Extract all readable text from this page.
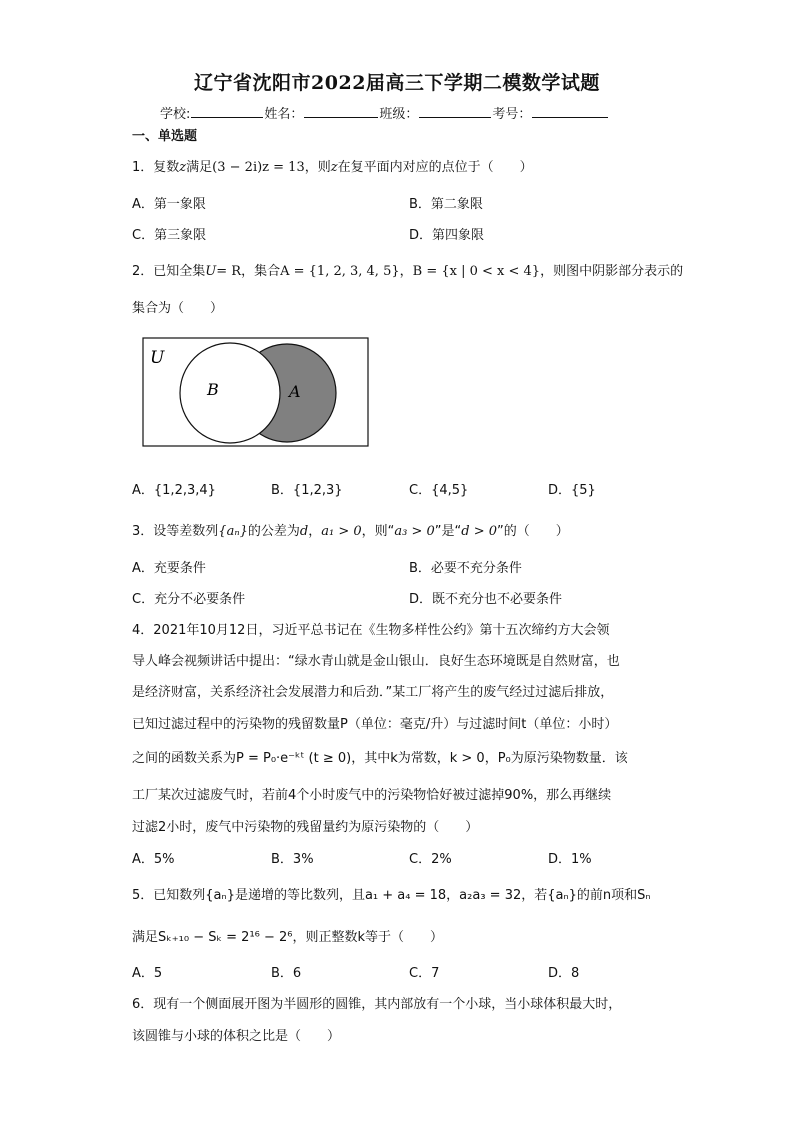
辽宁省沈阳市2022届高三下学期二模数学试题
学校:	姓名：	班级：	考号：
一、单选题
1．复数z满足(3 − 2i)z = 13，则z在复平面内对应的点位于（　　）
A．第一象限	B．第二象限
C．第三象限	D．第四象限
2．已知全集U= R，集合A = {1, 2, 3, 4, 5}，B = {x | 0 < x < 4}，则图中阴影部分表示的
集合为（　　）
U
B	A
A．{1,2,3,4}	B．{1,2,3}	C．{4,5}	D．{5}
3．设等差数列{aₙ}的公差为d，a₁ > 0，则“a₃ > 0”是“d > 0”的（　　）
A．充要条件	B．必要不充分条件
C．充分不必要条件	D．既不充分也不必要条件
4．2021年10月12日，习近平总书记在《生物多样性公约》第十五次缔约方大会领
导人峰会视频讲话中提出：“绿水青山就是金山银山．良好生态环境既是自然财富，也
是经济财富，关系经济社会发展潜力和后劲．”某工厂将产生的废气经过过滤后排放，
已知过滤过程中的污染物的残留数量P（单位：毫克/升）与过滤时间t（单位：小时）
之间的函数关系为P = P₀·e⁻ᵏᵗ (t ≥ 0)，其中k为常数，k > 0，P₀为原污染物数量．该
工厂某次过滤废气时，若前4个小时废气中的污染物恰好被过滤掉90%，那么再继续
过滤2小时，废气中污染物的残留量约为原污染物的（　　）
A．5%	B．3%	C．2%	D．1%
5．已知数列{aₙ}是递增的等比数列，且a₁ + a₄ = 18，a₂a₃ = 32，若{aₙ}的前n项和Sₙ
满足Sₖ₊₁₀ − Sₖ = 2¹⁶ − 2⁶，则正整数k等于（　　）
A．5	B．6	C．7	D．8
6．现有一个侧面展开图为半圆形的圆锥，其内部放有一个小球，当小球体积最大时，
该圆锥与小球的体积之比是（　　）
